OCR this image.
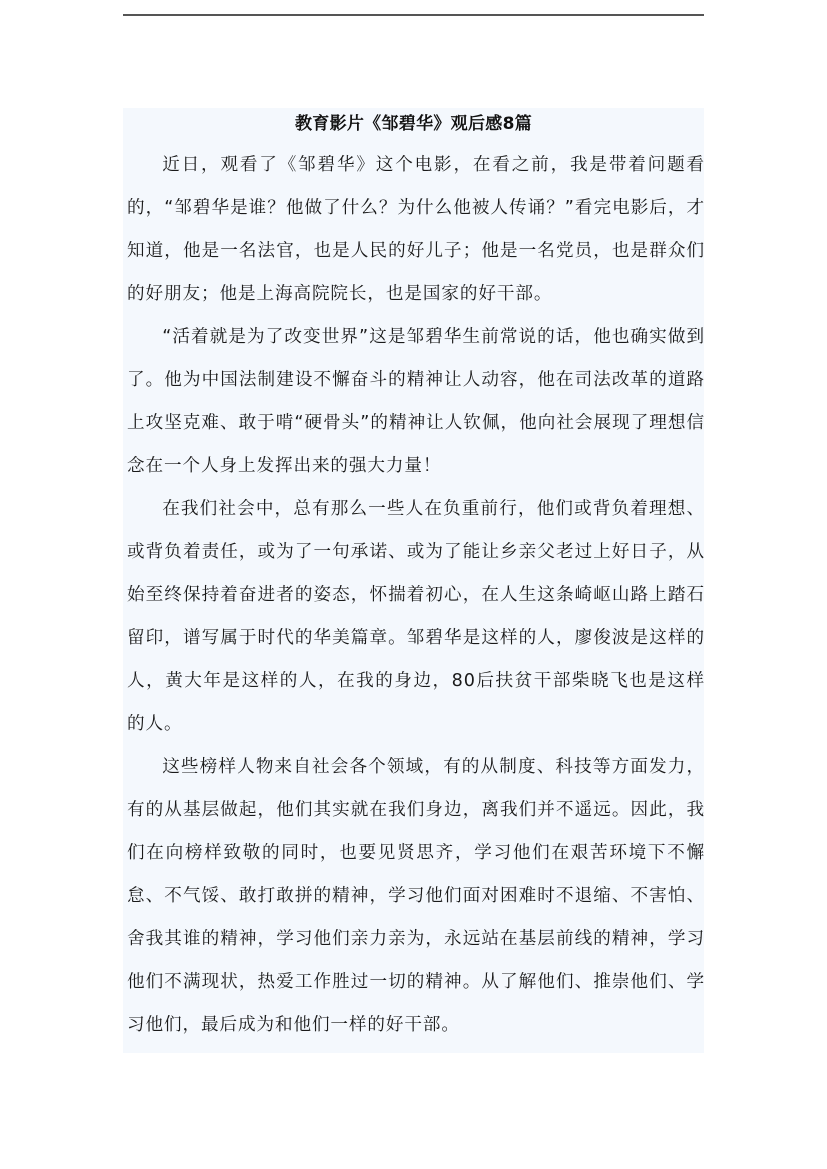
教育影片《邹碧华》观后感8篇

近日，观看了《邹碧华》这个电影，在看之前，我是带着问题看的，“邹碧华是谁？他做了什么？为什么他被人传诵？”看完电影后，才知道，他是一名法官，也是人民的好儿子；他是一名党员，也是群众们的好朋友；他是上海高院院长，也是国家的好干部。

“活着就是为了改变世界”这是邹碧华生前常说的话，他也确实做到了。他为中国法制建设不懈奋斗的精神让人动容，他在司法改革的道路上攻坚克难、敢于啃“硬骨头”的精神让人钦佩，他向社会展现了理想信念在一个人身上发挥出来的强大力量！

在我们社会中，总有那么一些人在负重前行，他们或背负着理想、或背负着责任，或为了一句承诺、或为了能让乡亲父老过上好日子，从始至终保持着奋进者的姿态，怀揣着初心，在人生这条崎岖山路上踏石留印，谱写属于时代的华美篇章。邹碧华是这样的人，廖俊波是这样的人，黄大年是这样的人，在我的身边，80后扶贫干部柴晓飞也是这样的人。

这些榜样人物来自社会各个领域，有的从制度、科技等方面发力，有的从基层做起，他们其实就在我们身边，离我们并不遥远。因此，我们在向榜样致敬的同时，也要见贤思齐，学习他们在艰苦环境下不懈怠、不气馁、敢打敢拼的精神，学习他们面对困难时不退缩、不害怕、舍我其谁的精神，学习他们亲力亲为，永远站在基层前线的精神，学习他们不满现状，热爱工作胜过一切的精神。从了解他们、推崇他们、学习他们，最后成为和他们一样的好干部。
